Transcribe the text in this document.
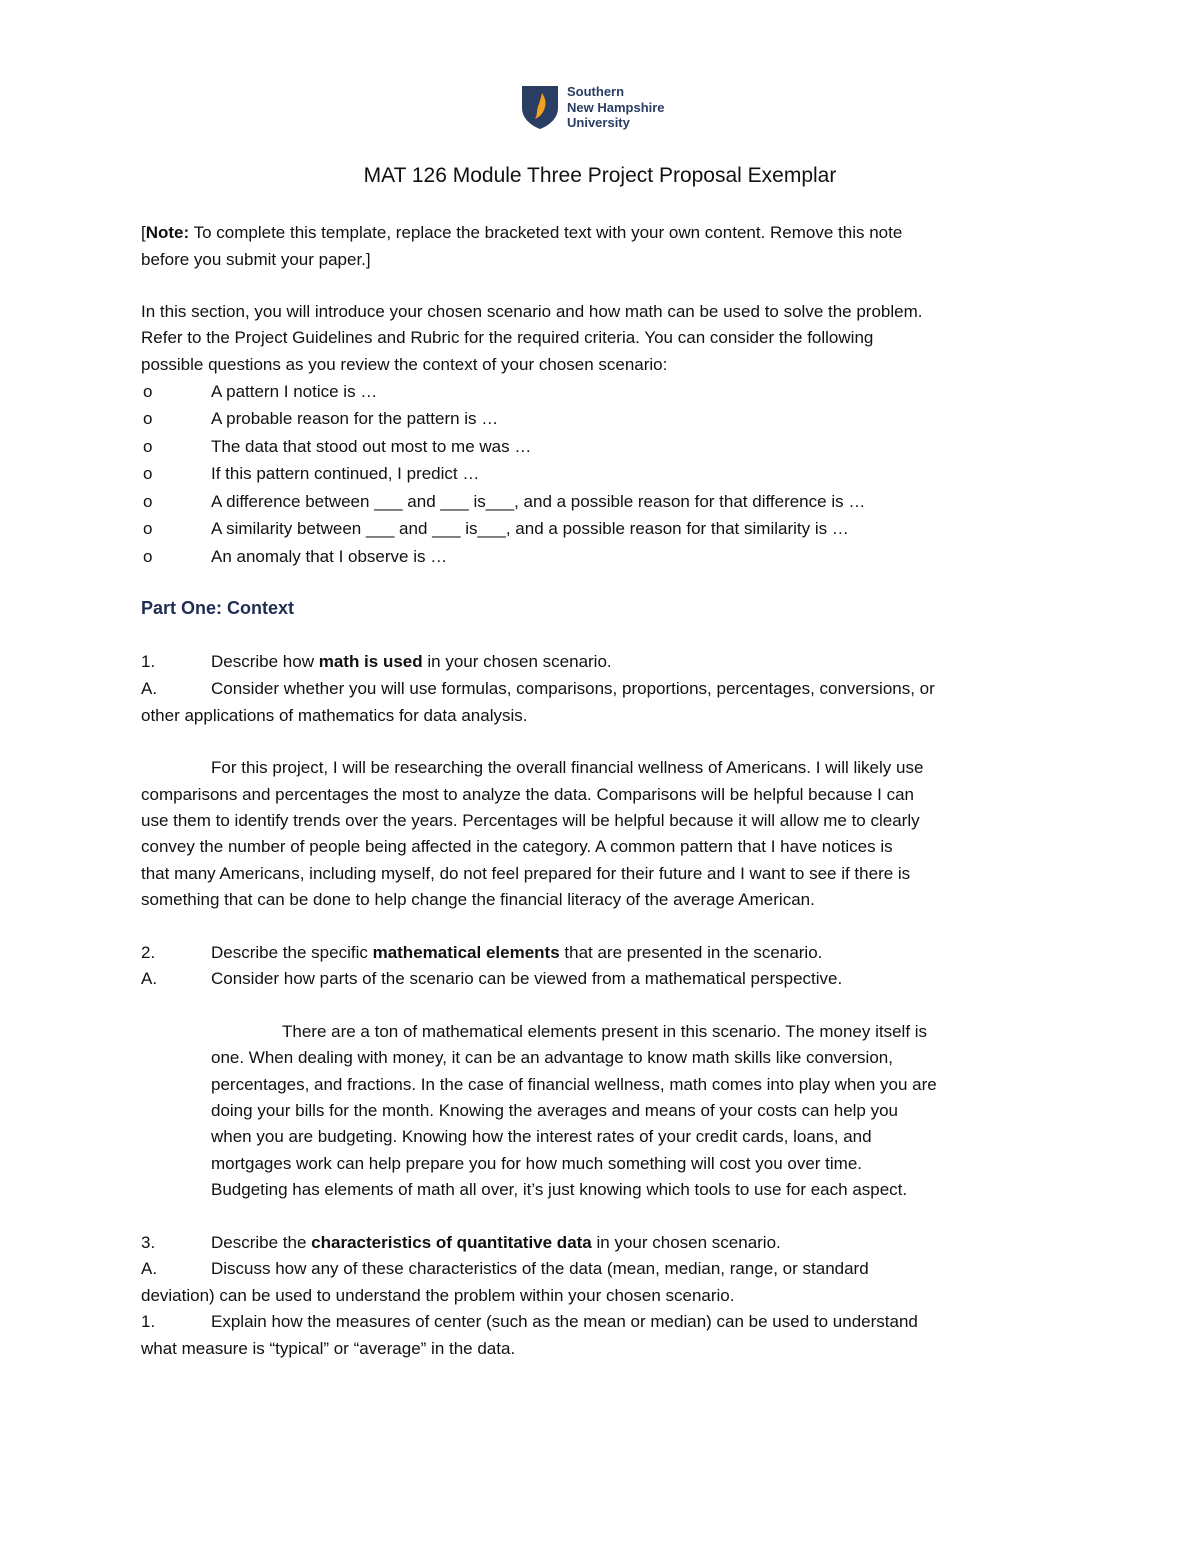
Southern
New Hampshire
University
MAT 126 Module Three Project Proposal Exemplar
[Note: To complete this template, replace the bracketed text with your own content. Remove this note
before you submit your paper.]
In this section, you will introduce your chosen scenario and how math can be used to solve the problem.
Refer to the Project Guidelines and Rubric for the required criteria. You can consider the following
possible questions as you review the context of your chosen scenario:
o	A pattern I notice is …
o	A probable reason for the pattern is …
o	The data that stood out most to me was …
o	If this pattern continued, I predict …
o	A difference between ___ and ___ is___, and a possible reason for that difference is …
o	A similarity between ___ and ___ is___, and a possible reason for that similarity is …
o	An anomaly that I observe is …
Part One: Context
1.	Describe how math is used in your chosen scenario.
A.	Consider whether you will use formulas, comparisons, proportions, percentages, conversions, or
other applications of mathematics for data analysis.
For this project, I will be researching the overall financial wellness of Americans. I will likely use
comparisons and percentages the most to analyze the data. Comparisons will be helpful because I can
use them to identify trends over the years. Percentages will be helpful because it will allow me to clearly
convey the number of people being affected in the category. A common pattern that I have notices is
that many Americans, including myself, do not feel prepared for their future and I want to see if there is
something that can be done to help change the financial literacy of the average American.
2.	Describe the specific mathematical elements that are presented in the scenario.
A.	Consider how parts of the scenario can be viewed from a mathematical perspective.
There are a ton of mathematical elements present in this scenario. The money itself is
one. When dealing with money, it can be an advantage to know math skills like conversion,
percentages, and fractions. In the case of financial wellness, math comes into play when you are
doing your bills for the month. Knowing the averages and means of your costs can help you
when you are budgeting. Knowing how the interest rates of your credit cards, loans, and
mortgages work can help prepare you for how much something will cost you over time.
Budgeting has elements of math all over, it’s just knowing which tools to use for each aspect.
3.	Describe the characteristics of quantitative data in your chosen scenario.
A.	Discuss how any of these characteristics of the data (mean, median, range, or standard
deviation) can be used to understand the problem within your chosen scenario.
1.	Explain how the measures of center (such as the mean or median) can be used to understand
what measure is “typical” or “average” in the data.
